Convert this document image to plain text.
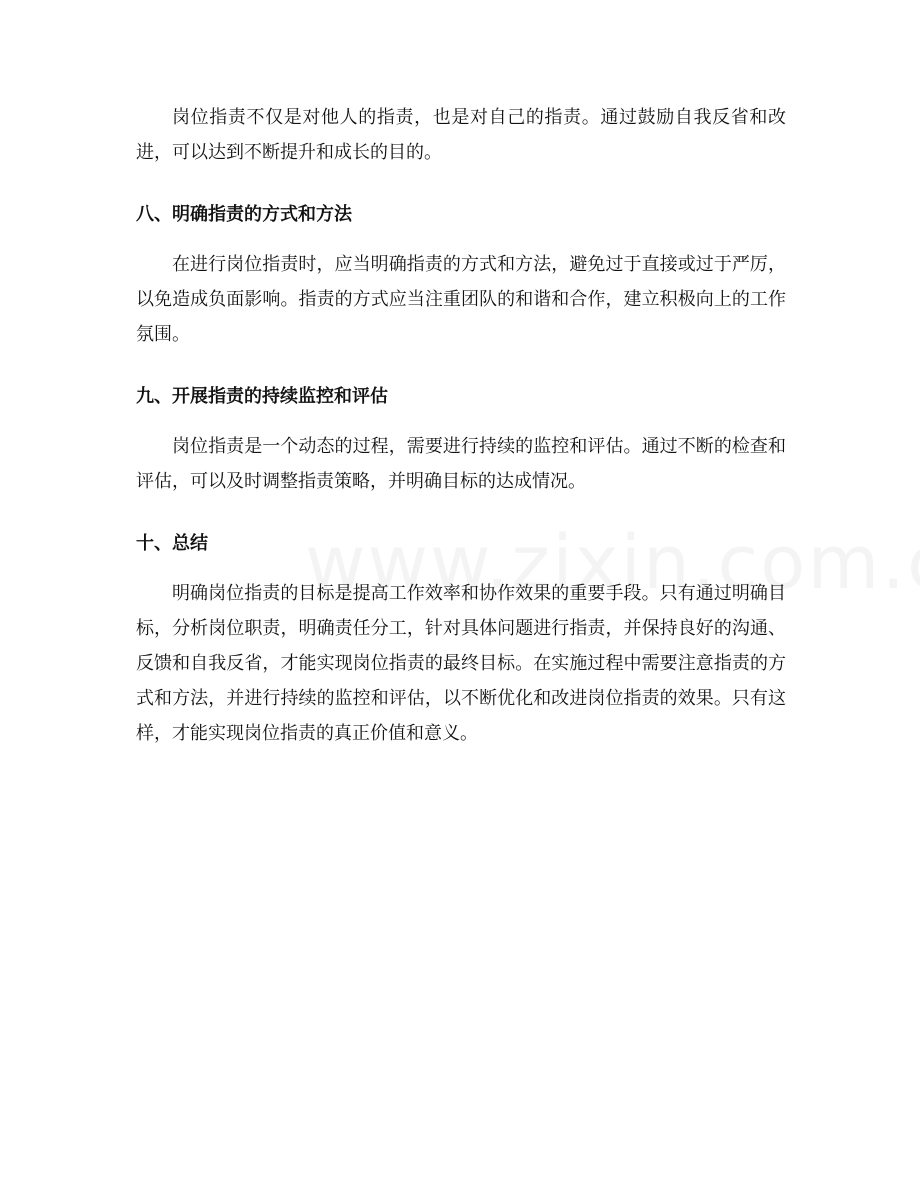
岗位指责不仅是对他人的指责，也是对自己的指责。通过鼓励自我反省和改进，可以达到不断提升和成长的目的。

八、明确指责的方式和方法

在进行岗位指责时，应当明确指责的方式和方法，避免过于直接或过于严厉，以免造成负面影响。指责的方式应当注重团队的和谐和合作，建立积极向上的工作氛围。

九、开展指责的持续监控和评估

岗位指责是一个动态的过程，需要进行持续的监控和评估。通过不断的检查和评估，可以及时调整指责策略，并明确目标的达成情况。

十、总结

明确岗位指责的目标是提高工作效率和协作效果的重要手段。只有通过明确目标，分析岗位职责，明确责任分工，针对具体问题进行指责，并保持良好的沟通、反馈和自我反省，才能实现岗位指责的最终目标。在实施过程中需要注意指责的方式和方法，并进行持续的监控和评估，以不断优化和改进岗位指责的效果。只有这样，才能实现岗位指责的真正价值和意义。
